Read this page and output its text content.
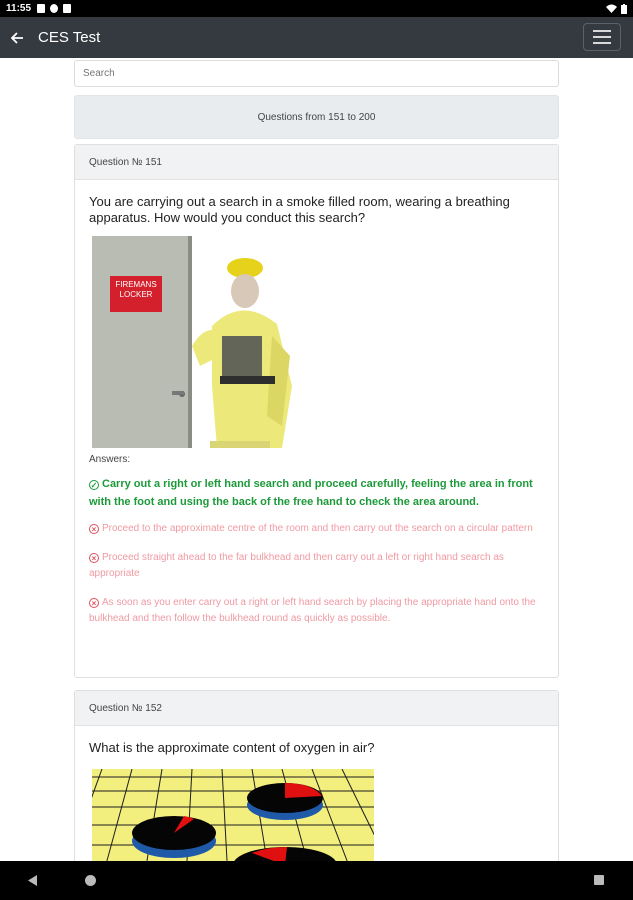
11:55
CES Test
Search
Questions from 151 to 200
Question № 151
You are carrying out a search in a smoke filled room, wearing a breathing apparatus. How would you conduct this search?
FIREMANS
LOCKER
Answers:
✓ Carry out a right or left hand search and proceed carefully, feeling the area in front with the foot and using the back of the free hand to check the area around.
× Proceed to the approximate centre of the room and then carry out the search on a circular pattern
× Proceed straight ahead to the far bulkhead and then carry out a left or right hand search as appropriate
× As soon as you enter carry out a right or left hand search by placing the appropriate hand onto the bulkhead and then follow the bulkhead round as quickly as possible.
Question № 152
What is the approximate content of oxygen in air?
